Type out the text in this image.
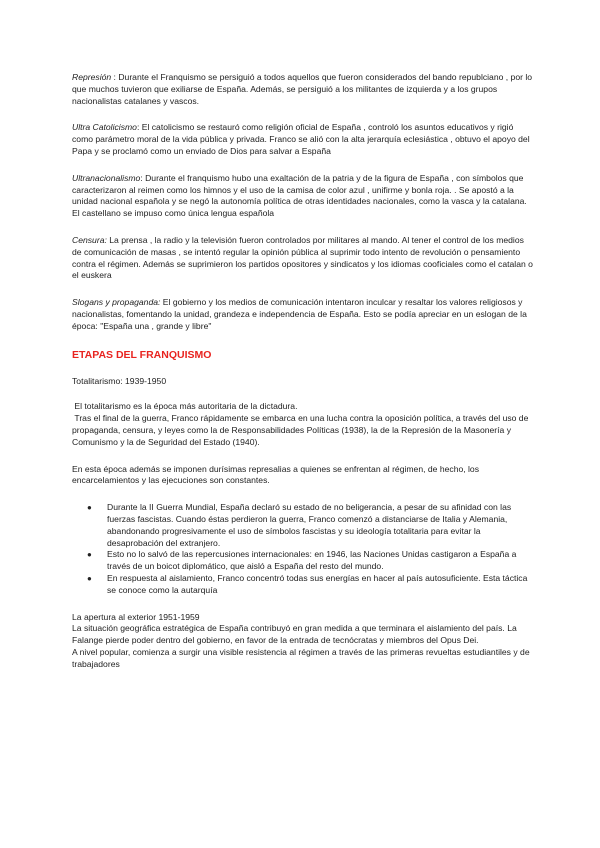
Represión : Durante el Franquismo se persiguió a todos aquellos que fueron considerados del bando republciano , por lo que muchos tuvieron que exiliarse de España. Además, se persiguió a los militantes de izquierda y a los grupos nacionalistas catalanes y vascos.

Ultra Catolicismo: El catolicismo se restauró como religión oficial de España , controló los asuntos educativos y rigió como parámetro moral de la vida pública y privada. Franco se alió con la alta jerarquía eclesiástica , obtuvo el apoyo del Papa y se proclamó como un enviado de Dios para salvar a España

Ultranacionalismo: Durante el franquismo hubo una exaltación de la patria y de la figura de España , con símbolos que caracterizaron al reimen como los himnos y el uso de la camisa de color azul , unifirme y bonla roja. . Se apostó a la unidad nacional española y se negó la autonomía política de otras identidades nacionales, como la vasca y la catalana. El castellano se impuso como única lengua española

Censura: La prensa , la radio y la televisión fueron controlados por militares al mando. Al tener el control de los medios de comunicación de masas , se intentó regular la opinión pública al suprimir todo intento de revolución o pensamiento contra el régimen. Además se suprimieron los partidos opositores y sindicatos y los idiomas cooficiales como el catalan o el euskera

Slogans y propaganda: El gobierno y los medios de comunicación intentaron inculcar y resaltar los valores religiosos y nacionalistas, fomentando la unidad, grandeza e independencia de España. Esto se podía apreciar en un eslogan de la época: "España una , grande y libre"

ETAPAS DEL FRANQUISMO

Totalitarismo: 1939-1950

El totalitarismo es la época más autoritaria de la dictadura.

Tras el final de la guerra, Franco rápidamente se embarca en una lucha contra la oposición política, a través del uso de propaganda, censura, y leyes como la de Responsabilidades Políticas (1938), la de la Represión de la Masonería y Comunismo y la de Seguridad del Estado (1940).

En esta época además se imponen durísimas represalias a quienes se enfrentan al régimen, de hecho, los encarcelamientos y las ejecuciones son constantes.

● Durante la II Guerra Mundial, España declaró su estado de no beligerancia, a pesar de su afinidad con las fuerzas fascistas. Cuando éstas perdieron la guerra, Franco comenzó a distanciarse de Italia y Alemania, abandonando progresivamente el uso de símbolos fascistas y su ideología totalitaria para evitar la desaprobación del extranjero.
● Esto no lo salvó de las repercusiones internacionales: en 1946, las Naciones Unidas castigaron a España a través de un boicot diplomático, que aisló a España del resto del mundo.
● En respuesta al aislamiento, Franco concentró todas sus energías en hacer al país autosuficiente. Esta táctica se conoce como la autarquía

La apertura al exterior 1951-1959

La situación geográfica estratégica de España contribuyó en gran medida a que terminara el aislamiento del país. La Falange pierde poder dentro del gobierno, en favor de la entrada de tecnócratas y miembros del Opus Dei.

A nivel popular, comienza a surgir una visible resistencia al régimen a través de las primeras revueltas estudiantiles y de trabajadores
